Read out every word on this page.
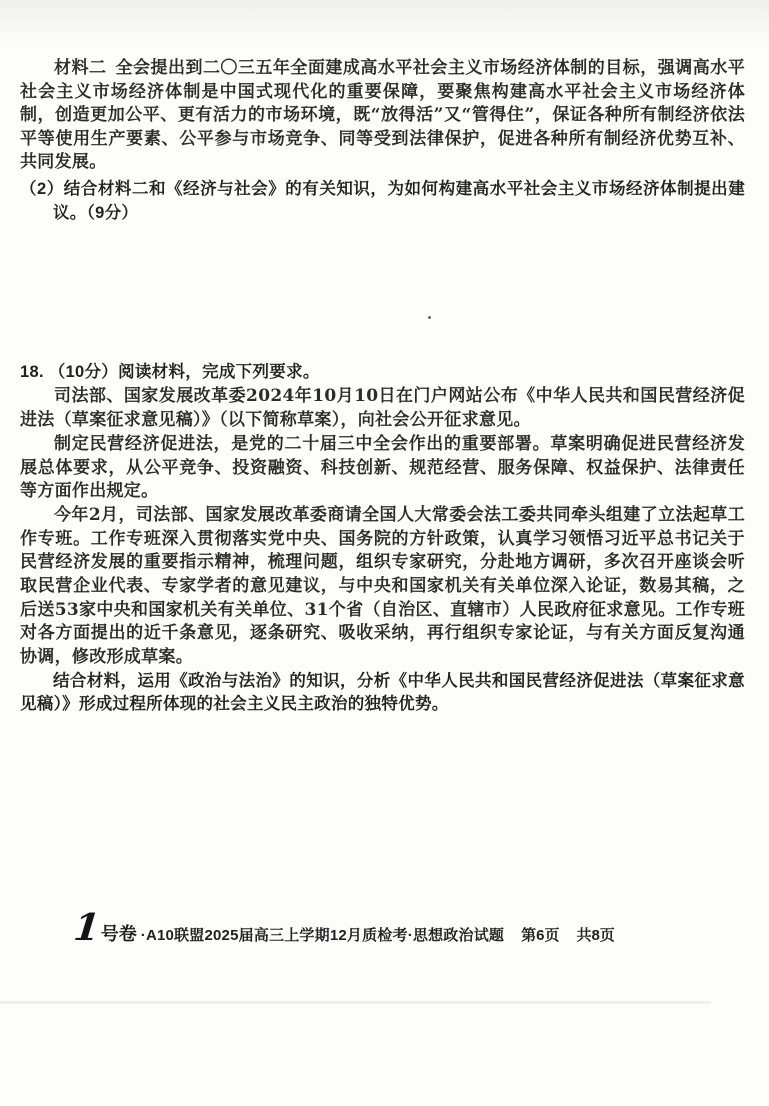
材料二  全会提出到二〇三五年全面建成高水平社会主义市场经济体制的目标，强调高水平社会主义市场经济体制是中国式现代化的重要保障，要聚焦构建高水平社会主义市场经济体制，创造更加公平、更有活力的市场环境，既“放得活”又“管得住”，保证各种所有制经济依法平等使用生产要素、公平参与市场竞争、同等受到法律保护，促进各种所有制经济优势互补、共同发展。
（2）结合材料二和《经济与社会》的有关知识，为如何构建高水平社会主义市场经济体制提出建议。（9分）
18. （10分）阅读材料，完成下列要求。
司法部、国家发展改革委2024年10月10日在门户网站公布《中华人民共和国民营经济促进法（草案征求意见稿）》（以下简称草案），向社会公开征求意见。
制定民营经济促进法，是党的二十届三中全会作出的重要部署。草案明确促进民营经济发展总体要求，从公平竞争、投资融资、科技创新、规范经营、服务保障、权益保护、法律责任等方面作出规定。
今年2月，司法部、国家发展改革委商请全国人大常委会法工委共同牵头组建了立法起草工作专班。工作专班深入贯彻落实党中央、国务院的方针政策，认真学习领悟习近平总书记关于民营经济发展的重要指示精神，梳理问题，组织专家研究，分赴地方调研，多次召开座谈会听取民营企业代表、专家学者的意见建议，与中央和国家机关有关单位深入论证，数易其稿，之后送53家中央和国家机关有关单位、31个省（自治区、直辖市）人民政府征求意见。工作专班对各方面提出的近千条意见，逐条研究、吸收采纳，再行组织专家论证，与有关方面反复沟通协调，修改形成草案。
结合材料，运用《政治与法治》的知识，分析《中华人民共和国民营经济促进法（草案征求意见稿）》形成过程所体现的社会主义民主政治的独特优势。
1
号卷 ·A10联盟2025届高三上学期12月质检考·思想政治试题 第6页 共8页
